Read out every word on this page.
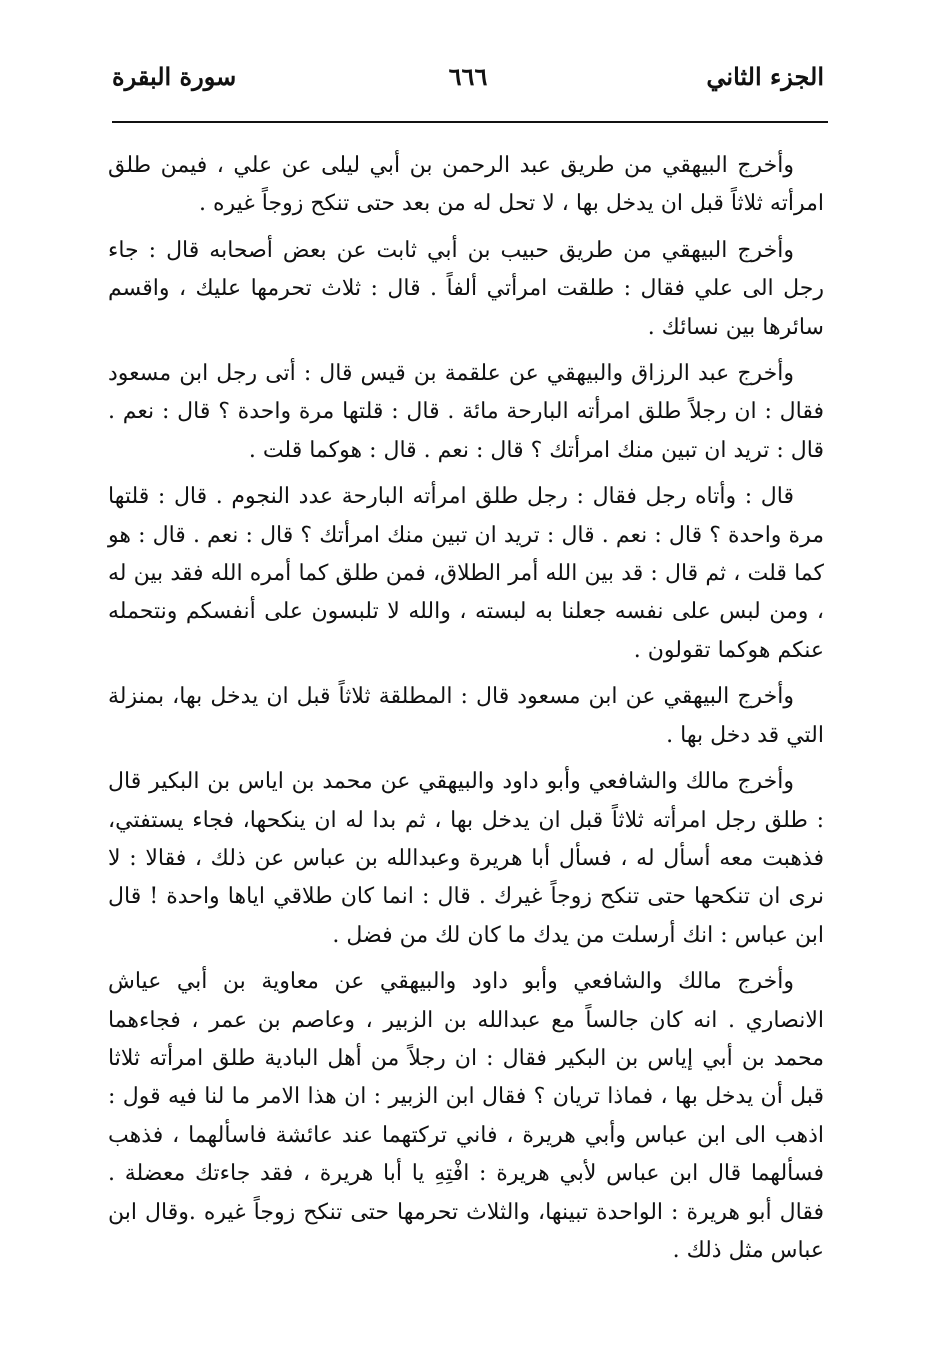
الجزء الثاني
٦٦٦
سورة البقرة

وأخرج البيهقي من طريق عبد الرحمن بن أبي ليلى عن علي ، فيمن طلق امرأته ثلاثاً قبل ان يدخل بها ، لا تحل له من بعد حتى تنكح زوجاً غيره .

وأخرج البيهقي من طريق حبيب بن أبي ثابت عن بعض أصحابه قال : جاء رجل الى علي فقال : طلقت امرأتي ألفاً . قال : ثلاث تحرمها عليك ، واقسم سائرها بين نسائك .

وأخرج عبد الرزاق والبيهقي عن علقمة بن قيس قال : أتى رجل ابن مسعود فقال : ان رجلاً طلق امرأته البارحة مائة . قال : قلتها مرة واحدة ؟ قال : نعم . قال : تريد ان تبين منك امرأتك ؟ قال : نعم . قال : هوكما قلت .

قال : وأتاه رجل فقال : رجل طلق امرأته البارحة عدد النجوم . قال : قلتها مرة واحدة ؟ قال : نعم . قال : تريد ان تبين منك امرأتك ؟ قال : نعم . قال : هو كما قلت ، ثم قال : قد بين الله أمر الطلاق، فمن طلق كما أمره الله فقد بين له ، ومن لبس على نفسه جعلنا به لبسته ، والله لا تلبسون على أنفسكم ونتحمله عنكم هوكما تقولون .

وأخرج البيهقي عن ابن مسعود قال : المطلقة ثلاثاً قبل ان يدخل بها، بمنزلة التي قد دخل بها .

وأخرج مالك والشافعي وأبو داود والبيهقي عن محمد بن اياس بن البكير قال : طلق رجل امرأته ثلاثاً قبل ان يدخل بها ، ثم بدا له ان ينكحها، فجاء يستفتي، فذهبت معه أسأل له ، فسأل أبا هريرة وعبدالله بن عباس عن ذلك ، فقالا : لا نرى ان تنكحها حتى تنكح زوجاً غيرك . قال : انما كان طلاقي اياها واحدة ! قال ابن عباس : انك أرسلت من يدك ما كان لك من فضل .

وأخرج مالك والشافعي وأبو داود والبيهقي عن معاوية بن أبي عياش الانصاري . انه كان جالساً مع عبدالله بن الزبير ، وعاصم بن عمر ، فجاءهما محمد بن أبي إياس بن البكير فقال : ان رجلاً من أهل البادية طلق امرأته ثلاثا قبل أن يدخل بها ، فماذا تريان ؟ فقال ابن الزبير : ان هذا الامر ما لنا فيه قول : اذهب الى ابن عباس وأبي هريرة ، فاني تركتهما عند عائشة فاسألهما ، فذهب فسألهما قال ابن عباس لأبي هريرة : افْتِهِ يا أبا هريرة ، فقد جاءتك معضلة . فقال أبو هريرة : الواحدة تبينها، والثلاث تحرمها حتى تنكح زوجاً غيره .وقال ابن عباس مثل ذلك .
